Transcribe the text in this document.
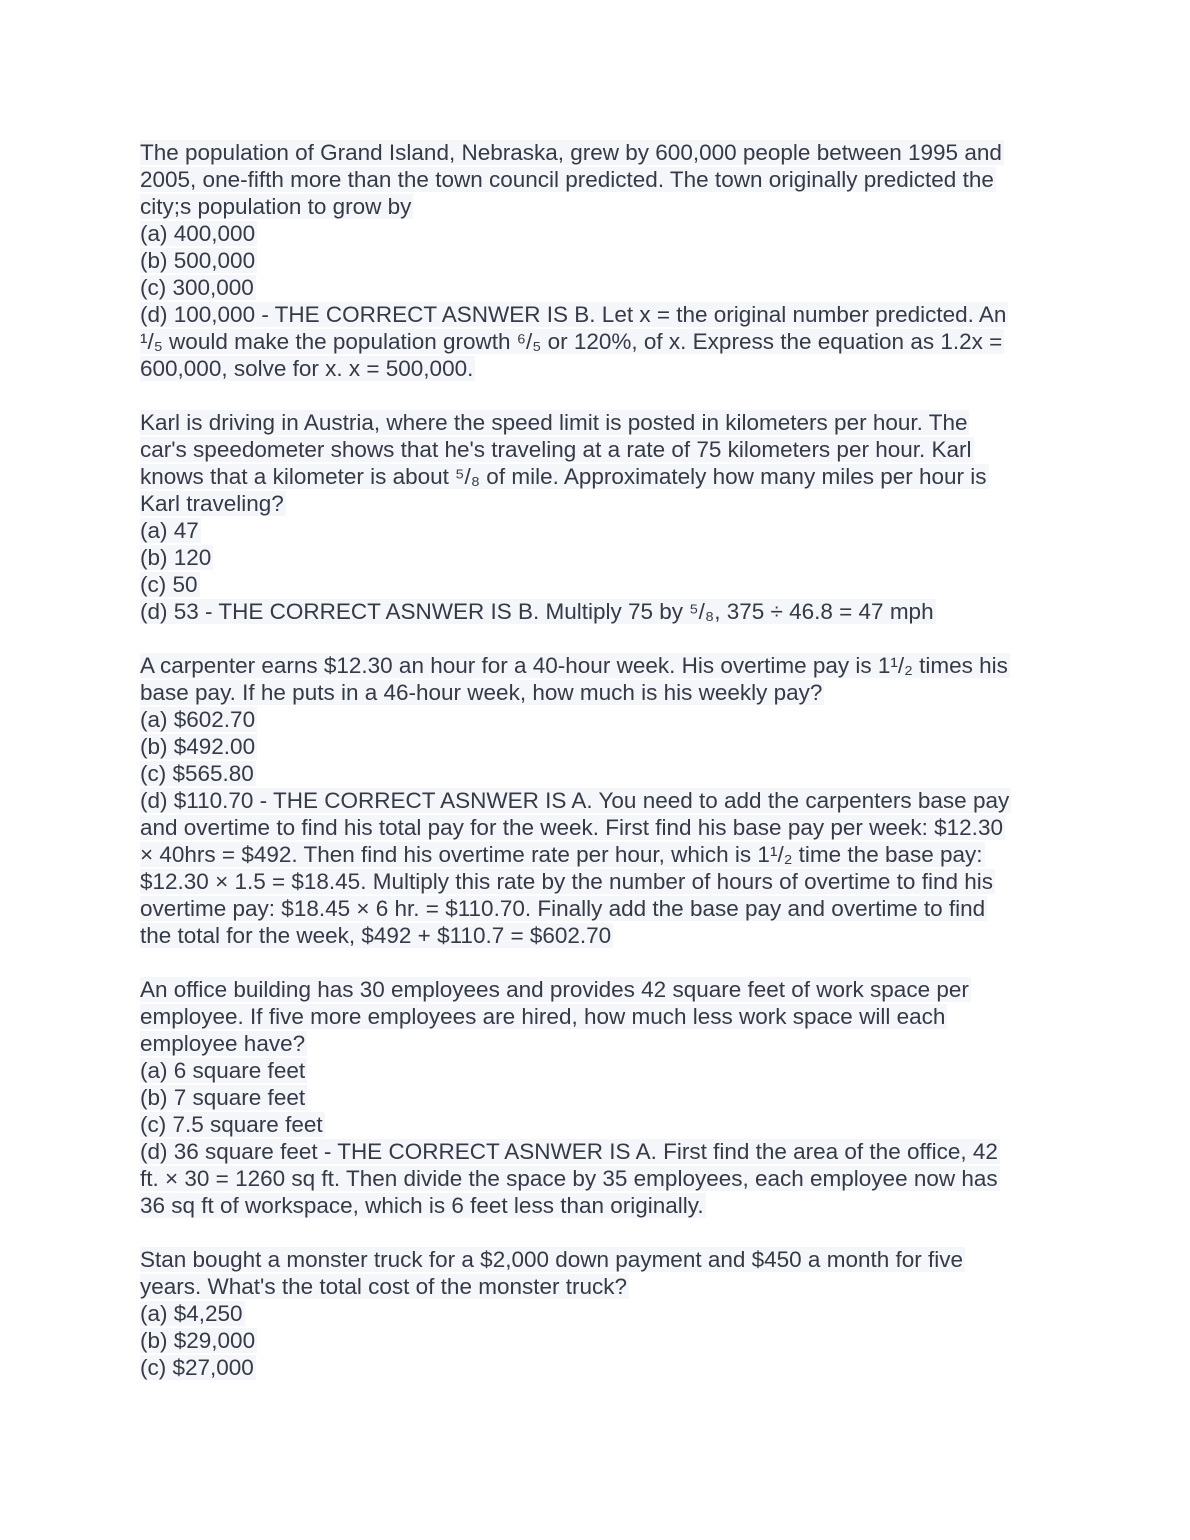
The population of Grand Island, Nebraska, grew by 600,000 people between 1995 and
2005, one-fifth more than the town council predicted. The town originally predicted the
city;s population to grow by
(a) 400,000
(b) 500,000
(c) 300,000
(d) 100,000 - THE CORRECT ASNWER IS B. Let x = the original number predicted. An
¹/₅ would make the population growth ⁶/₅ or 120%, of x. Express the equation as 1.2x =
600,000, solve for x. x = 500,000.
Karl is driving in Austria, where the speed limit is posted in kilometers per hour. The
car's speedometer shows that he's traveling at a rate of 75 kilometers per hour. Karl
knows that a kilometer is about ⁵/₈ of mile. Approximately how many miles per hour is
Karl traveling?
(a) 47
(b) 120
(c) 50
(d) 53 - THE CORRECT ASNWER IS B. Multiply 75 by ⁵/₈, 375 ÷ 46.8 = 47 mph
A carpenter earns $12.30 an hour for a 40-hour week. His overtime pay is 1¹/₂ times his
base pay. If he puts in a 46-hour week, how much is his weekly pay?
(a) $602.70
(b) $492.00
(c) $565.80
(d) $110.70 - THE CORRECT ASNWER IS A. You need to add the carpenters base pay
and overtime to find his total pay for the week. First find his base pay per week: $12.30
× 40hrs = $492. Then find his overtime rate per hour, which is 1¹/₂ time the base pay:
$12.30 × 1.5 = $18.45. Multiply this rate by the number of hours of overtime to find his
overtime pay: $18.45 × 6 hr. = $110.70. Finally add the base pay and overtime to find
the total for the week, $492 + $110.7 = $602.70
An office building has 30 employees and provides 42 square feet of work space per
employee. If five more employees are hired, how much less work space will each
employee have?
(a) 6 square feet
(b) 7 square feet
(c) 7.5 square feet
(d) 36 square feet - THE CORRECT ASNWER IS A. First find the area of the office, 42
ft. × 30 = 1260 sq ft. Then divide the space by 35 employees, each employee now has
36 sq ft of workspace, which is 6 feet less than originally.
Stan bought a monster truck for a $2,000 down payment and $450 a month for five
years. What's the total cost of the monster truck?
(a) $4,250
(b) $29,000
(c) $27,000
